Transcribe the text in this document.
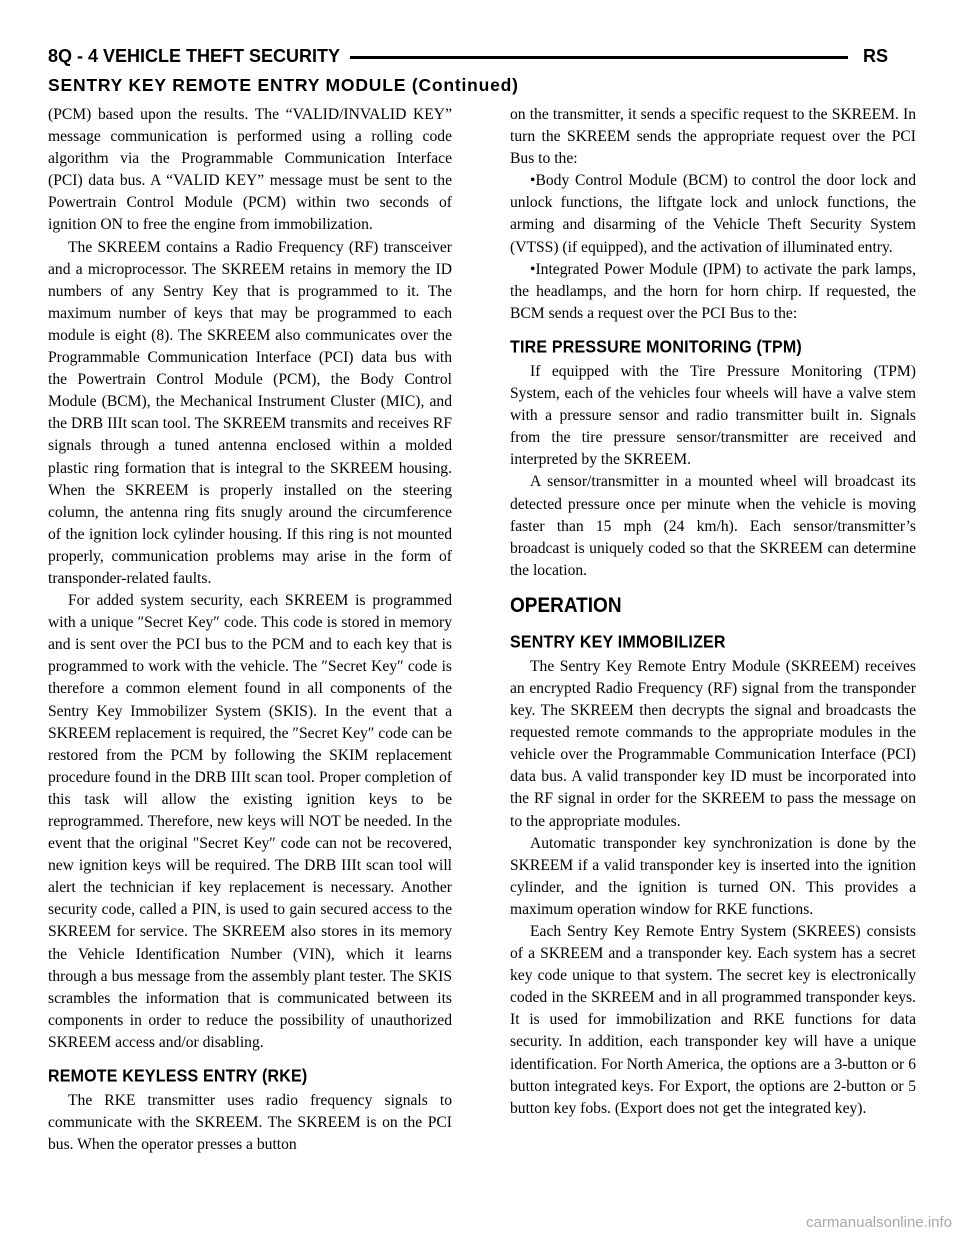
8Q - 4 VEHICLE THEFT SECURITY	RS
SENTRY KEY REMOTE ENTRY MODULE (Continued)

(PCM) based upon the results. The “VALID/INVALID KEY” message communication is performed using a rolling code algorithm via the Programmable Communication Interface (PCI) data bus. A “VALID KEY” message must be sent to the Powertrain Control Module (PCM) within two seconds of ignition ON to free the engine from immobilization.

The SKREEM contains a Radio Frequency (RF) transceiver and a microprocessor. The SKREEM retains in memory the ID numbers of any Sentry Key that is programmed to it. The maximum number of keys that may be programmed to each module is eight (8). The SKREEM also communicates over the Programmable Communication Interface (PCI) data bus with the Powertrain Control Module (PCM), the Body Control Module (BCM), the Mechanical Instrument Cluster (MIC), and the DRB IIIt scan tool. The SKREEM transmits and receives RF signals through a tuned antenna enclosed within a molded plastic ring formation that is integral to the SKREEM housing. When the SKREEM is properly installed on the steering column, the antenna ring fits snugly around the circumference of the ignition lock cylinder housing. If this ring is not mounted properly, communication problems may arise in the form of transponder-related faults.

For added system security, each SKREEM is programmed with a unique ″Secret Key″ code. This code is stored in memory and is sent over the PCI bus to the PCM and to each key that is programmed to work with the vehicle. The ″Secret Key″ code is therefore a common element found in all components of the Sentry Key Immobilizer System (SKIS). In the event that a SKREEM replacement is required, the ″Secret Key″ code can be restored from the PCM by following the SKIM replacement procedure found in the DRB IIIt scan tool. Proper completion of this task will allow the existing ignition keys to be reprogrammed. Therefore, new keys will NOT be needed. In the event that the original ″Secret Key″ code can not be recovered, new ignition keys will be required. The DRB IIIt scan tool will alert the technician if key replacement is necessary. Another security code, called a PIN, is used to gain secured access to the SKREEM for service. The SKREEM also stores in its memory the Vehicle Identification Number (VIN), which it learns through a bus message from the assembly plant tester. The SKIS scrambles the information that is communicated between its components in order to reduce the possibility of unauthorized SKREEM access and/or disabling.

REMOTE KEYLESS ENTRY (RKE)

The RKE transmitter uses radio frequency signals to communicate with the SKREEM. The SKREEM is on the PCI bus. When the operator presses a button

on the transmitter, it sends a specific request to the SKREEM. In turn the SKREEM sends the appropriate request over the PCI Bus to the:

•Body Control Module (BCM) to control the door lock and unlock functions, the liftgate lock and unlock functions, the arming and disarming of the Vehicle Theft Security System (VTSS) (if equipped), and the activation of illuminated entry.

•Integrated Power Module (IPM) to activate the park lamps, the headlamps, and the horn for horn chirp. If requested, the BCM sends a request over the PCI Bus to the:

TIRE PRESSURE MONITORING (TPM)

If equipped with the Tire Pressure Monitoring (TPM) System, each of the vehicles four wheels will have a valve stem with a pressure sensor and radio transmitter built in. Signals from the tire pressure sensor/transmitter are received and interpreted by the SKREEM.

A sensor/transmitter in a mounted wheel will broadcast its detected pressure once per minute when the vehicle is moving faster than 15 mph (24 km/h). Each sensor/transmitter’s broadcast is uniquely coded so that the SKREEM can determine the location.

OPERATION
SENTRY KEY IMMOBILIZER

The Sentry Key Remote Entry Module (SKREEM) receives an encrypted Radio Frequency (RF) signal from the transponder key. The SKREEM then decrypts the signal and broadcasts the requested remote commands to the appropriate modules in the vehicle over the Programmable Communication Interface (PCI) data bus. A valid transponder key ID must be incorporated into the RF signal in order for the SKREEM to pass the message on to the appropriate modules.

Automatic transponder key synchronization is done by the SKREEM if a valid transponder key is inserted into the ignition cylinder, and the ignition is turned ON. This provides a maximum operation window for RKE functions.

Each Sentry Key Remote Entry System (SKREES) consists of a SKREEM and a transponder key. Each system has a secret key code unique to that system. The secret key is electronically coded in the SKREEM and in all programmed transponder keys. It is used for immobilization and RKE functions for data security. In addition, each transponder key will have a unique identification. For North America, the options are a 3-button or 6 button integrated keys. For Export, the options are 2-button or 5 button key fobs. (Export does not get the integrated key).

carmanualsonline.info
